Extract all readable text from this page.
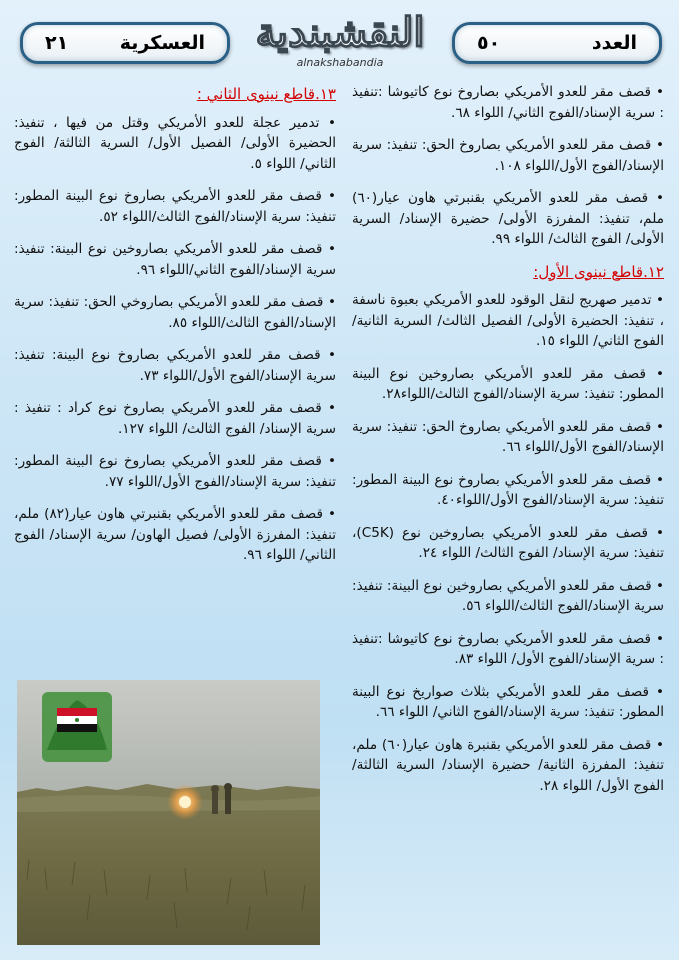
٢١	العسكرية	النقشبندية
alnakshabandia
٥٠	العدد
• قصف مقر للعدو الأمريكي بصاروخ نوع كاتيوشا :تنفيذ : سرية الإسناد/الفوج الثاني/ اللواء ٦٨.
• قصف مقر للعدو الأمريكي بصاروخ الحق: تنفيذ: سرية الإسناد/الفوج الأول/اللواء ١٠٨.
• قصف مقر للعدو الأمريكي بقنبرتي هاون عيار(٦٠) ملم، تنفيذ: المفرزة الأولى/ حضيرة الإسناد/ السرية الأولى/ الفوج الثالث/ اللواء ٩٩.
١٢.قاطع نينوى الأول:
• تدمير صهريج لنقل الوقود للعدو الأمريكي بعبوة ناسفة ، تنفيذ: الحضيرة الأولى/ الفصيل الثالث/ السرية الثانية/ الفوج الثاني/ اللواء ١٥.
• قصف مقر للعدو الأمريكي بصاروخين نوع البينة المطور: تنفيذ: سرية الإسناد/الفوج الثالث/اللواء٢٨.
• قصف مقر للعدو الأمريكي بصاروخ الحق: تنفيذ: سرية الإسناد/الفوج الأول/اللواء ٦٦.
• قصف مقر للعدو الأمريكي بصاروخ نوع البينة المطور: تنفيذ: سرية الإسناد/الفوج الأول/اللواء٤٠.
• قصف مقر للعدو الأمريكي بصاروخين نوع (C5K)، تنفيذ: سرية الإسناد/ الفوج الثالث/ اللواء ٢٤.
• قصف مقر للعدو الأمريكي بصاروخين نوع البينة: تنفيذ: سرية الإسناد/الفوج الثالث/اللواء ٥٦.
• قصف مقر للعدو الأمريكي بصاروخ نوع كاتيوشا :تنفيذ : سرية الإسناد/الفوج الأول/ اللواء ٨٣.
• قصف مقر للعدو الأمريكي بثلاث صواريخ نوع البينة المطور: تنفيذ: سرية الإسناد/الفوج الثاني/ اللواء ٦٦.
• قصف مقر للعدو الأمريكي بقنبرة هاون عيار(٦٠) ملم، تنفيذ: المفرزة الثانية/ حضيرة الإسناد/ السرية الثالثة/ الفوج الأول/ اللواء ٢٨.
١٣.قاطع نينوى الثاني :
• تدمير عجلة للعدو الأمريكي وقتل من فيها ، تنفيذ: الحضيرة الأولى/ الفصيل الأول/ السرية الثالثة/ الفوج الثاني/ اللواء ٥.
• قصف مقر للعدو الأمريكي بصاروخ نوع البينة المطور: تنفيذ: سرية الإسناد/الفوج الثالث/اللواء ٥٢.
• قصف مقر للعدو الأمريكي بصاروخين نوع البينة: تنفيذ: سرية الإسناد/الفوج الثاني/اللواء ٩٦.
• قصف مقر للعدو الأمريكي بصاروخي الحق: تنفيذ: سرية الإسناد/الفوج الثالث/اللواء ٨٥.
• قصف مقر للعدو الأمريكي بصاروخ نوع البينة: تنفيذ: سرية الإسناد/الفوج الأول/اللواء ٧٣.
• قصف مقر للعدو الأمريكي بصاروخ نوع كراد : تنفيذ : سرية الإسناد/ الفوج الثالث/ اللواء ١٢٧.
• قصف مقر للعدو الأمريكي بصاروخ نوع البينة المطور: تنفيذ: سرية الإسناد/الفوج الأول/اللواء ٧٧.
• قصف مقر للعدو الأمريكي بقنبرتي هاون عيار(٨٢) ملم، تنفيذ: المفرزة الأولى/ فصيل الهاون/ سرية الإسناد/ الفوج الثاني/ اللواء ٩٦.
